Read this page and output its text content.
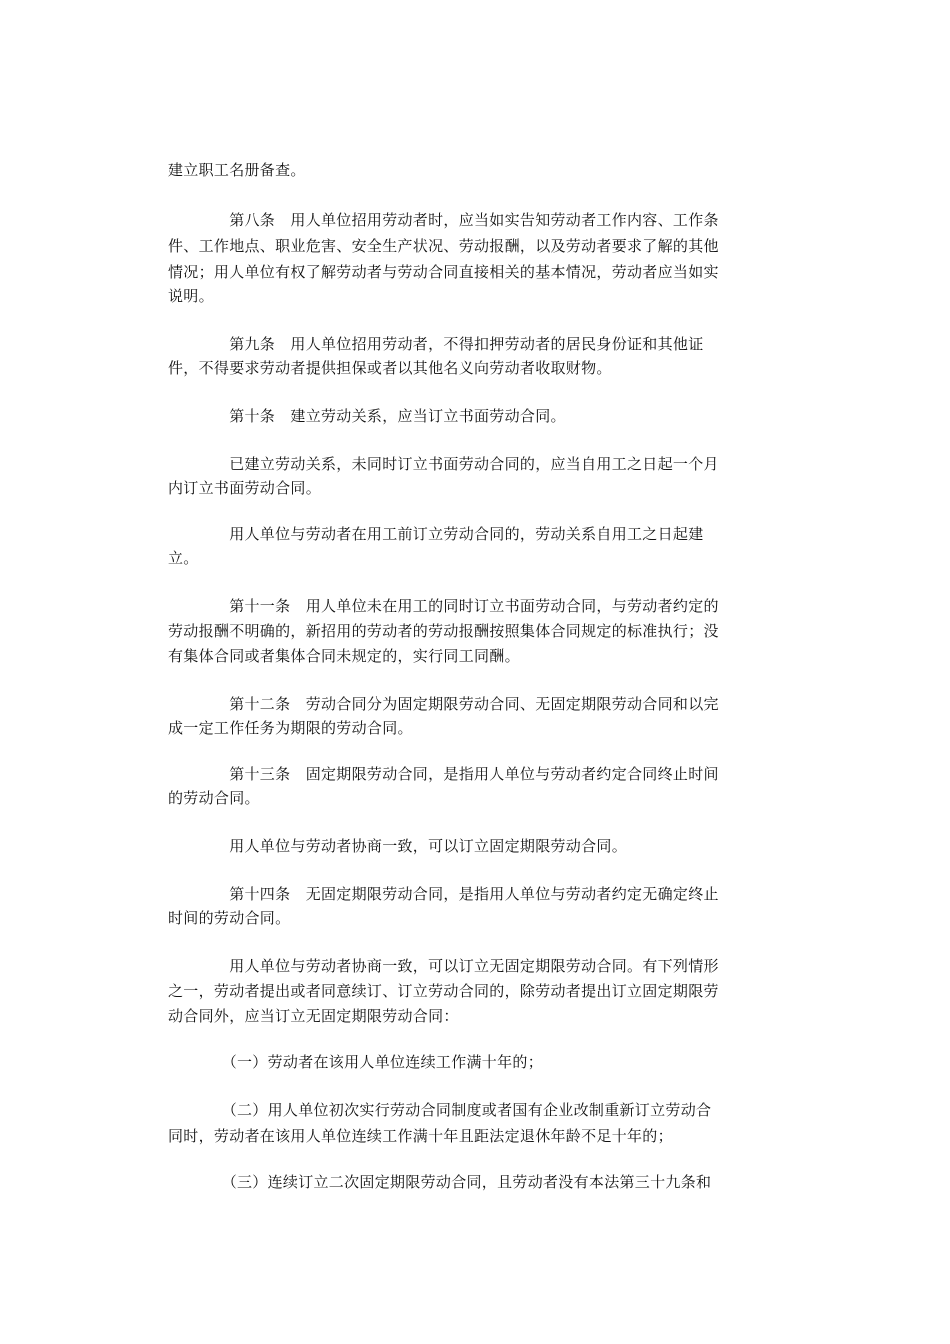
建立职工名册备查。
　　　　第八条　用人单位招用劳动者时，应当如实告知劳动者工作内容、工作条
件、工作地点、职业危害、安全生产状况、劳动报酬，以及劳动者要求了解的其他
情况；用人单位有权了解劳动者与劳动合同直接相关的基本情况，劳动者应当如实
说明。
　　　　第九条　用人单位招用劳动者，不得扣押劳动者的居民身份证和其他证
件，不得要求劳动者提供担保或者以其他名义向劳动者收取财物。
　　　　第十条　建立劳动关系，应当订立书面劳动合同。
　　　　已建立劳动关系，未同时订立书面劳动合同的，应当自用工之日起一个月
内订立书面劳动合同。
　　　　用人单位与劳动者在用工前订立劳动合同的，劳动关系自用工之日起建
立。
　　　　第十一条　用人单位未在用工的同时订立书面劳动合同，与劳动者约定的
劳动报酬不明确的，新招用的劳动者的劳动报酬按照集体合同规定的标准执行；没
有集体合同或者集体合同未规定的，实行同工同酬。
　　　　第十二条　劳动合同分为固定期限劳动合同、无固定期限劳动合同和以完
成一定工作任务为期限的劳动合同。
　　　　第十三条　固定期限劳动合同，是指用人单位与劳动者约定合同终止时间
的劳动合同。
　　　　用人单位与劳动者协商一致，可以订立固定期限劳动合同。
　　　　第十四条　无固定期限劳动合同，是指用人单位与劳动者约定无确定终止
时间的劳动合同。
　　　　用人单位与劳动者协商一致，可以订立无固定期限劳动合同。有下列情形
之一，劳动者提出或者同意续订、订立劳动合同的，除劳动者提出订立固定期限劳
动合同外，应当订立无固定期限劳动合同：
　　　　（一）劳动者在该用人单位连续工作满十年的；
　　　　（二）用人单位初次实行劳动合同制度或者国有企业改制重新订立劳动合
同时，劳动者在该用人单位连续工作满十年且距法定退休年龄不足十年的；
　　　　（三）连续订立二次固定期限劳动合同，且劳动者没有本法第三十九条和
